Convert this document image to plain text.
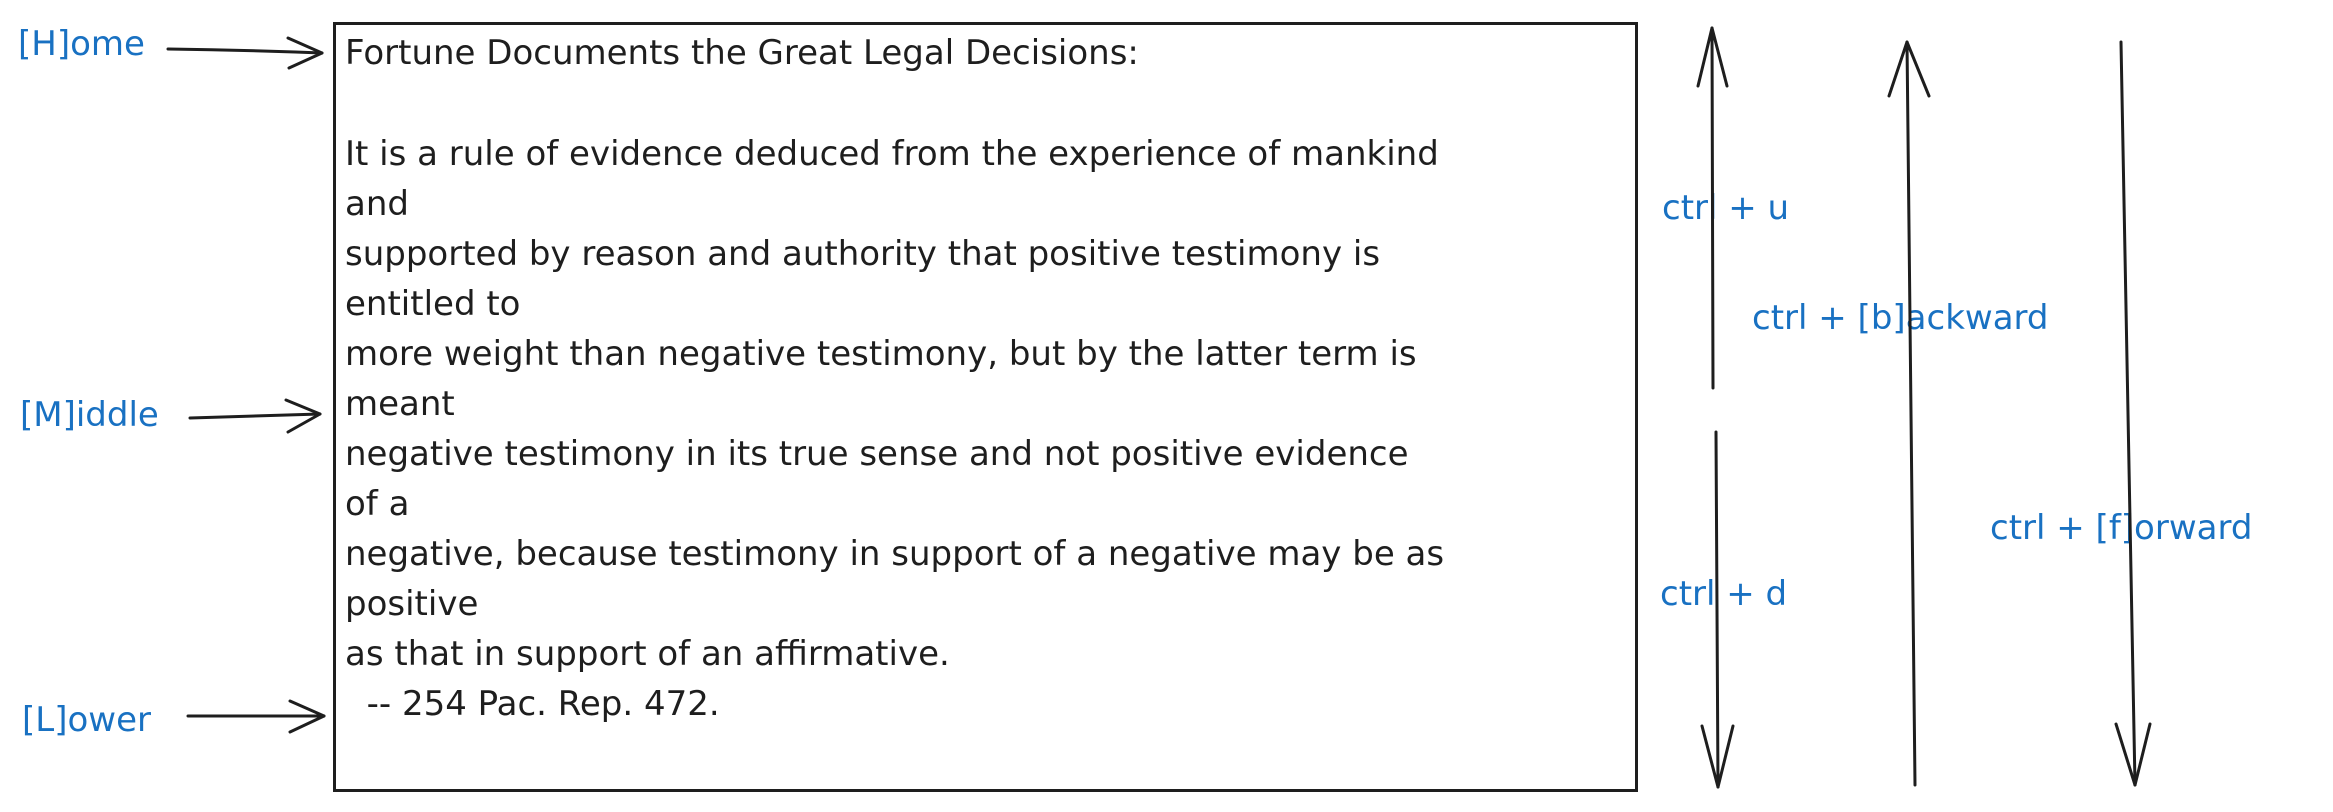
Fortune Documents the Great Legal Decisions:
It is a rule of evidence deduced from the experience of mankind
and
supported by reason and authority that positive testimony is
entitled to
more weight than negative testimony, but by the latter term is
meant
negative testimony in its true sense and not positive evidence
of a
negative, because testimony in support of a negative may be as
positive
as that in support of an affirmative.
-- 254 Pac. Rep. 472.
[H]ome
[M]iddle
[L]ower
ctrl + u
ctrl + d
ctrl + [b]ackward
ctrl + [f]orward
